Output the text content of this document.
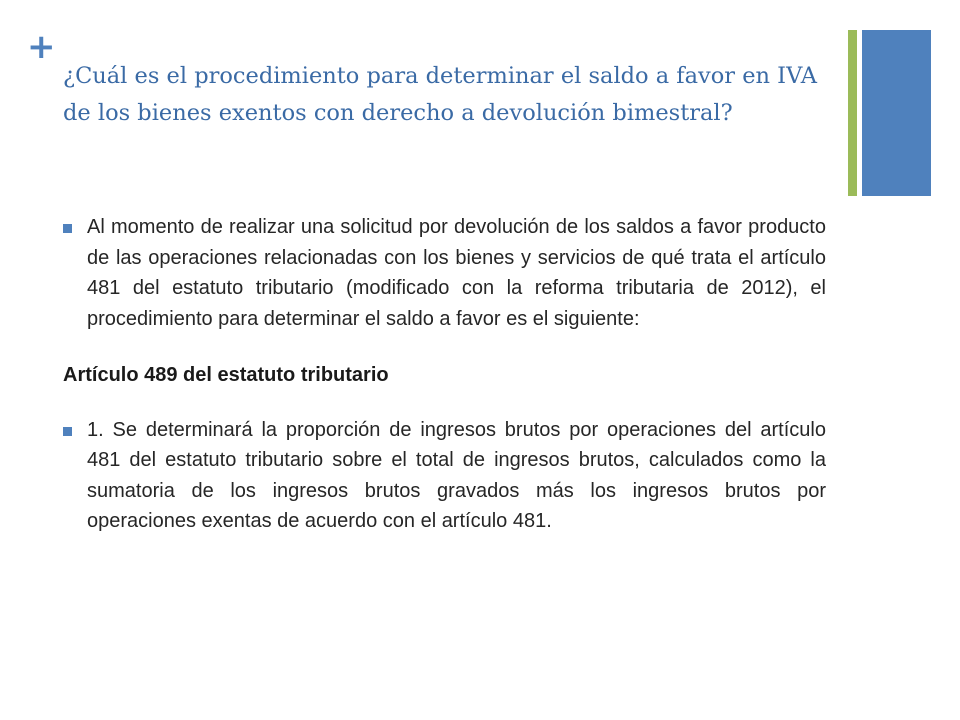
+
¿Cuál es el procedimiento para determinar el saldo a favor en IVA de los bienes exentos con derecho a devolución bimestral?

Al momento de realizar una solicitud por devolución de los saldos a favor producto de las operaciones relacionadas con los bienes y servicios de qué trata el artículo 481 del estatuto tributario (modificado con la reforma tributaria de 2012), el procedimiento para determinar el saldo a favor es el siguiente:

Artículo 489 del estatuto tributario

1. Se determinará la proporción de ingresos brutos por operaciones del artículo 481 del estatuto tributario sobre el total de ingresos brutos, calculados como la sumatoria de los ingresos brutos gravados más los ingresos brutos por operaciones exentas de acuerdo con el artículo 481.
